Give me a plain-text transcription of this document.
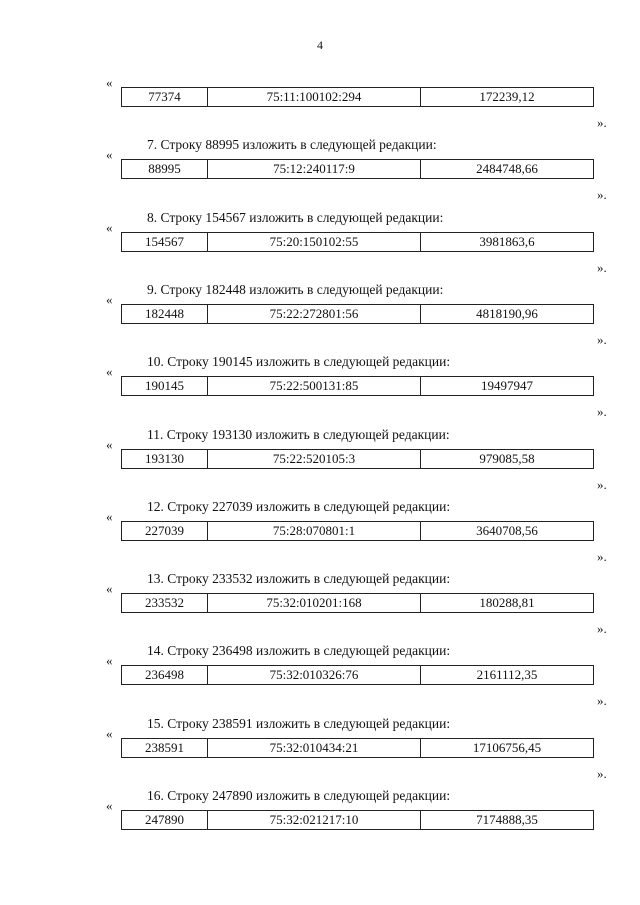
4
«
77374	75:11:100102:294	172239,12
».
7. Строку 88995 изложить в следующей редакции:
«
88995	75:12:240117:9	2484748,66
».
8. Строку 154567 изложить в следующей редакции:
«
154567	75:20:150102:55	3981863,6
».
9. Строку 182448 изложить в следующей редакции:
«
182448	75:22:272801:56	4818190,96
».
10. Строку 190145 изложить в следующей редакции:
«
190145	75:22:500131:85	19497947
».
11. Строку 193130 изложить в следующей редакции:
«
193130	75:22:520105:3	979085,58
».
12. Строку 227039 изложить в следующей редакции:
«
227039	75:28:070801:1	3640708,56
».
13. Строку 233532 изложить в следующей редакции:
«
233532	75:32:010201:168	180288,81
».
14. Строку 236498 изложить в следующей редакции:
«
236498	75:32:010326:76	2161112,35
».
15. Строку 238591 изложить в следующей редакции:
«
238591	75:32:010434:21	17106756,45
».
16. Строку 247890 изложить в следующей редакции:
«
247890	75:32:021217:10	7174888,35
